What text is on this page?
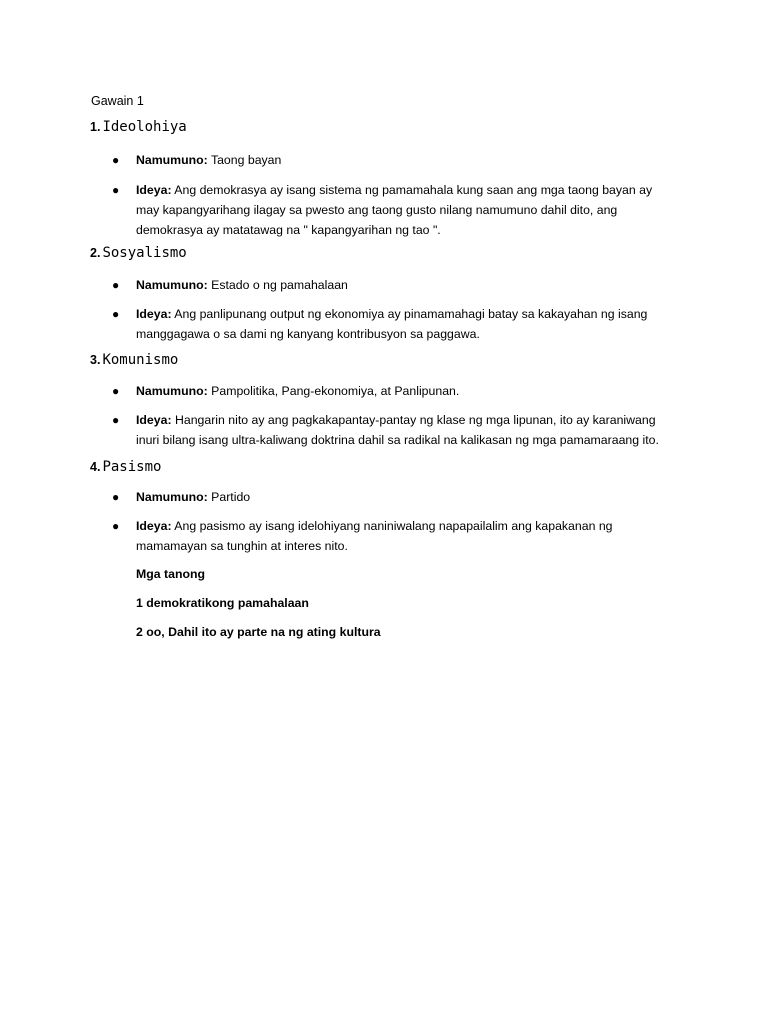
Gawain 1
1. Ideolohiya
● Namumuno: Taong bayan
● Ideya: Ang demokrasya ay isang sistema ng pamamahala kung saan ang mga taong bayan ay
may kapangyarihang ilagay sa pwesto ang taong gusto nilang namumuno dahil dito, ang
demokrasya ay matatawag na " kapangyarihan ng tao ".
2. Sosyalismo
● Namumuno: Estado o ng pamahalaan
● Ideya: Ang panlipunang output ng ekonomiya ay pinamamahagi batay sa kakayahan ng isang
manggagawa o sa dami ng kanyang kontribusyon sa paggawa.
3. Komunismo
● Namumuno: Pampolitika, Pang-ekonomiya, at Panlipunan.
● Ideya: Hangarin nito ay ang pagkakapantay-pantay ng klase ng mga lipunan, ito ay karaniwang
inuri bilang isang ultra-kaliwang doktrina dahil sa radikal na kalikasan ng mga pamamaraang ito.
4. Pasismo
● Namumuno: Partido
● Ideya: Ang pasismo ay isang idelohiyang naniniwalang napapailalim ang kapakanan ng
mamamayan sa tunghin at interes nito.
Mga tanong
1 demokratikong pamahalaan
2 oo, Dahil ito ay parte na ng ating kultura
